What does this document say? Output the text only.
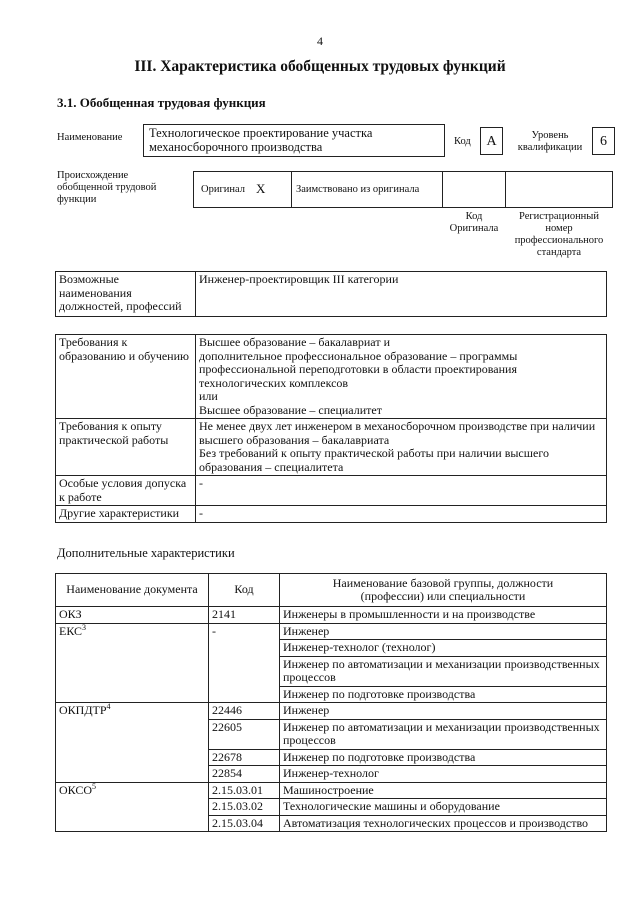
4
III. Характеристика обобщенных трудовых функций
3.1. Обобщенная трудовая функция
Наименование	Технологическое проектирование участка механосборочного производства	Код	А	Уровень квалификации	6
Происхождение обобщенной трудовой функции
Оригинал Х	Заимствовано из оригинала
Код Оригинала
Регистрационный номер профессионального стандарта
Возможные наименования должностей, профессий	Инженер-проектировщик III категории
Требования к образованию и обучению	Высшее образование – бакалавриат и
дополнительное профессиональное образование – программы профессиональной переподготовки в области проектирования технологических комплексов
или
Высшее образование – специалитет

Требования к опыту практической работы	Не менее двух лет инженером в механосборочном производстве при наличии высшего образования – бакалавриата
Без требований к опыту практической работы при наличии высшего образования – специалитета

Особые условия допуска к работе	-
Другие характеристики	-
Дополнительные характеристики
Наименование документа	Код	Наименование базовой группы, должности (профессии) или специальности
ОКЗ	2141	Инженеры в промышленности и на производстве
ЕКС$^3$	-	Инженер
		Инженер-технолог (технолог)
		Инженер по автоматизации и механизации производственных процессов
		Инженер по подготовке производства
ОКПДТР$^4$	22446	Инженер
	22605	Инженер по автоматизации и механизации производственных процессов
	22678	Инженер по подготовке производства
	22854	Инженер-технолог
ОКСО$^5$	2.15.03.01	Машиностроение
	2.15.03.02	Технологические машины и оборудование
	2.15.03.04	Автоматизация технологических процессов и производство
